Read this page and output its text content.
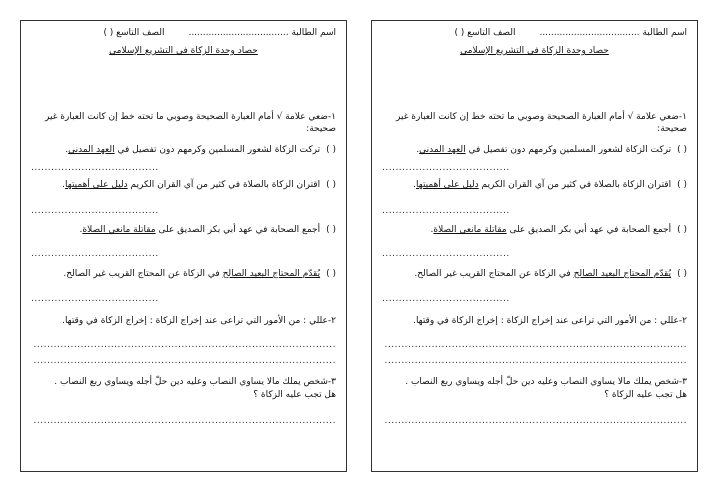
اسم الطالبة ...................................
الصف التاسع ( )
حصاد وحدة الزكاة في التشريع الإسلامي
١-ضعي علامة √ أمام العبارة الصحيحة وصوبي ما تحته خط إن كانت العبارة غير صحيحة:
( )تركت الزكاة لشعور المسلمين وكرمهم دون تفصيل في العهد المدني.
......................................
( )اقتران الزكاة بالصلاة في كثير من آي القران الكريم دليل على أهميتها.
......................................
( )أجمع الصحابة في عهد أبي بكر الصديق على مقاتلة مانعي الصلاة.
......................................
( )يُقدّم المحتاج البعيد الصالح في الزكاة عن المحتاج القريب غير الصالح.
......................................
٢-عللي : من الأمور التي تراعى عند إخراج الزكاة : إخراج الزكاة في وقتها.
..........................................................................................
..........................................................................................
٣-شخص يملك مالا يساوي النصاب وعليه دين حلّ أجله ويساوي ربع النصاب .
هل تجب عليه الزكاة ؟
..........................................................................................
اسم الطالبة ...................................
الصف التاسع ( )
حصاد وحدة الزكاة في التشريع الإسلامي
١-ضعي علامة √ أمام العبارة الصحيحة وصوبي ما تحته خط إن كانت العبارة غير صحيحة:
( )تركت الزكاة لشعور المسلمين وكرمهم دون تفصيل في العهد المدني.
......................................
( )اقتران الزكاة بالصلاة في كثير من آي القران الكريم دليل على أهميتها.
......................................
( )أجمع الصحابة في عهد أبي بكر الصديق على مقاتلة مانعي الصلاة.
......................................
( )يُقدّم المحتاج البعيد الصالح في الزكاة عن المحتاج القريب غير الصالح.
......................................
٢-عللي : من الأمور التي تراعى عند إخراج الزكاة : إخراج الزكاة في وقتها.
..........................................................................................
..........................................................................................
٣-شخص يملك مالا يساوي النصاب وعليه دين حلّ أجله ويساوي ربع النصاب .
هل تجب عليه الزكاة ؟
..........................................................................................
